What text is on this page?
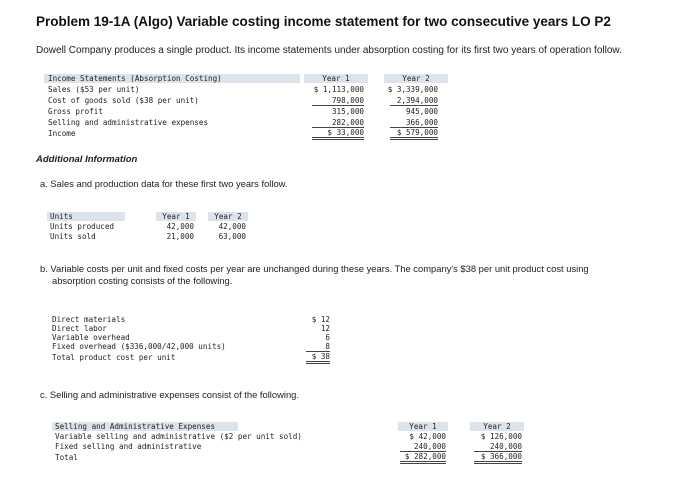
Problem 19-1A (Algo) Variable costing income statement for two consecutive years LO P2
Dowell Company produces a single product. Its income statements under absorption costing for its first two years of operation follow.
Income Statements (Absorption Costing)	Year 1	Year 2
Sales ($53 per unit)	$ 1,113,000	$ 3,339,000
Cost of goods sold ($38 per unit)	798,000	2,394,000
Gross profit	315,000	945,000
Selling and administrative expenses	282,000	366,000
Income	$ 33,000	$ 579,000
Additional Information
a. Sales and production data for these first two years follow.
Units	Year 1	Year 2
Units produced	42,000	42,000
Units sold	21,000	63,000
b. Variable costs per unit and fixed costs per year are unchanged during these years. The company's $38 per unit product cost using
absorption costing consists of the following.
Direct materials	$ 12
Direct labor	12
Variable overhead	6
Fixed overhead ($336,000/42,000 units)	8
Total product cost per unit	$ 38
c. Selling and administrative expenses consist of the following.
Selling and Administrative Expenses	Year 1	Year 2
Variable selling and administrative ($2 per unit sold)	$ 42,000	$ 126,000
Fixed selling and administrative	240,000	240,000
Total	$ 282,000	$ 366,000
